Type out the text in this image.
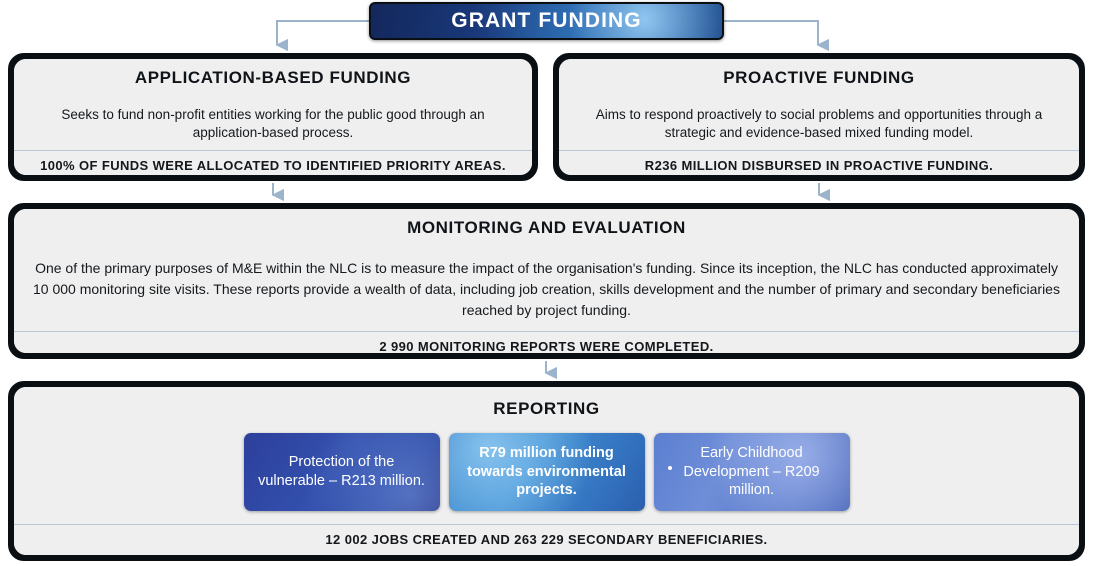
GRANT FUNDING
APPLICATION-BASED FUNDING
Seeks to fund non-profit entities working for the public good through an application-based process.
100% OF FUNDS WERE ALLOCATED TO IDENTIFIED PRIORITY AREAS.
PROACTIVE FUNDING
Aims to respond proactively to social problems and opportunities through a strategic and evidence-based mixed funding model.
R236 MILLION DISBURSED IN PROACTIVE FUNDING.
MONITORING AND EVALUATION
One of the primary purposes of M&E within the NLC is to measure the impact of the organisation's funding. Since its inception, the NLC has conducted approximately 10 000 monitoring site visits. These reports provide a wealth of data, including job creation, skills development and the number of primary and secondary beneficiaries reached by project funding.
2 990 MONITORING REPORTS WERE COMPLETED.
REPORTING
Protection of the vulnerable – R213 million.
R79 million funding towards environmental projects.
Early Childhood Development – R209 million.
12 002 JOBS CREATED AND 263 229 SECONDARY BENEFICIARIES.
